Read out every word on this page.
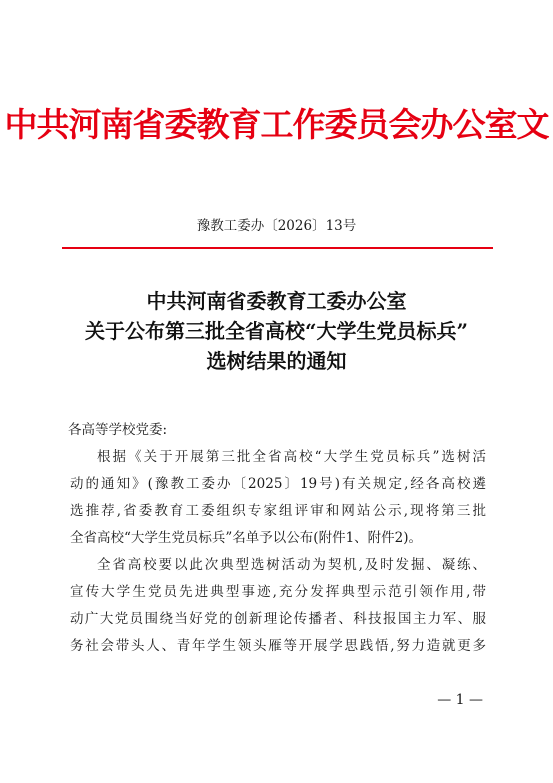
中共河南省委教育工作委员会办公室文
豫教工委办〔2026〕13号
中共河南省委教育工委办公室
关于公布第三批全省高校“大学生党员标兵”
选树结果的通知
各高等学校党委:
根据《关于开展第三批全省高校“大学生党员标兵”选树活
动的通知》(豫教工委办〔2025〕19号)有关规定,经各高校遴
选推荐,省委教育工委组织专家组评审和网站公示,现将第三批
全省高校“大学生党员标兵”名单予以公布(附件1、附件2)。
全省高校要以此次典型选树活动为契机,及时发掘、凝练、
宣传大学生党员先进典型事迹,充分发挥典型示范引领作用,带
动广大党员围绕当好党的创新理论传播者、科技报国主力军、服
务社会带头人、青年学生领头雁等开展学思践悟,努力造就更多
— 1 —
